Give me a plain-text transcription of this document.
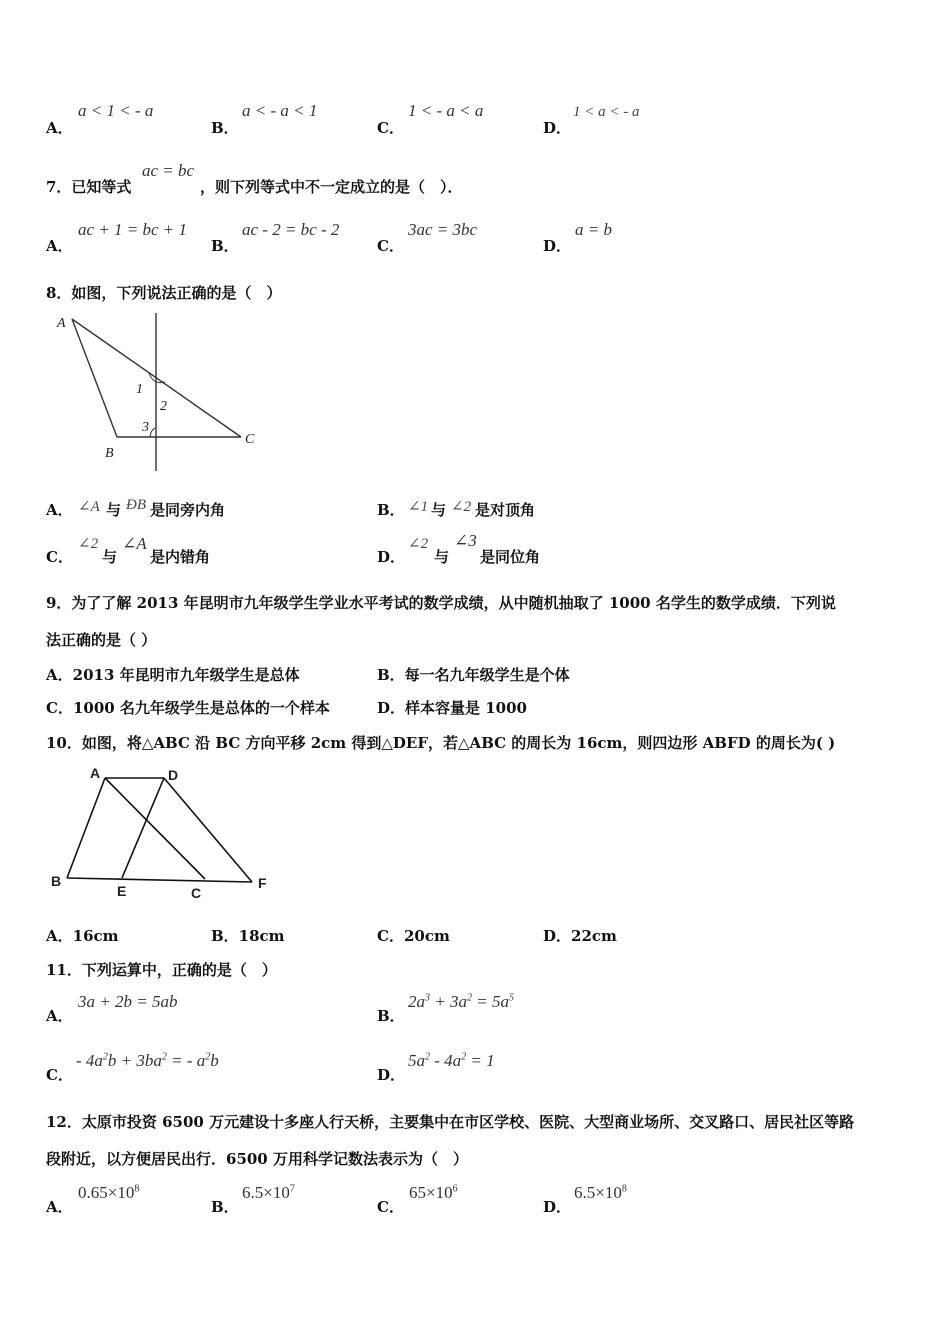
A．
a < 1 < - a
B．
a < - a < 1
C．
1 < - a < a
D．
1 < a < - a
7．已知等式
ac = bc
，则下列等式中不一定成立的是（　）．
A．
ac + 1 = bc + 1
B．
ac - 2 = bc - 2
C．
3ac = 3bc
D．
a = b
8．如图，下列说法正确的是（　）
A
B
C
1
2
3
A． ∠A 与 ÐB 是同旁内角	B． ∠1 与 ∠2 是对顶角
C．
∠2
与
∠A
是内错角	D．
∠2
与
∠3
是同位角
9．为了了解 2013 年昆明市九年级学生学业水平考试的数学成绩，从中随机抽取了 1000 名学生的数学成绩．下列说
法正确的是（ ）
A．2013 年昆明市九年级学生是总体	B．每一名九年级学生是个体
C．1000 名九年级学生是总体的一个样本	D．样本容量是 1000
10．如图，将△ABC 沿 BC 方向平移 2cm 得到△DEF，若△ABC 的周长为 16cm，则四边形 ABFD 的周长为( )
A	D
B
E	C
F
A．16cm	B．18cm	C．20cm	D．22cm
11．下列运算中，正确的是（　）
A．
3a + 2b = 5ab
B．
$2a^3 + 3a^2 = 5a^5$
C．
- $4a^2b + 3ba^2$ = - $a^2b$
D．
$5a^2 - 4a^2 = 1$
12．太原市投资 6500 万元建设十多座人行天桥，主要集中在市区学校、医院、大型商业场所、交叉路口、居民社区等路
段附近，以方便居民出行．6500 万用科学记数法表示为（　）
A．
$0.65\times 10^8$
B．
$6.5\times 10^7$
C．
$65\times 10^6$
D．
$6.5\times 10^8$
